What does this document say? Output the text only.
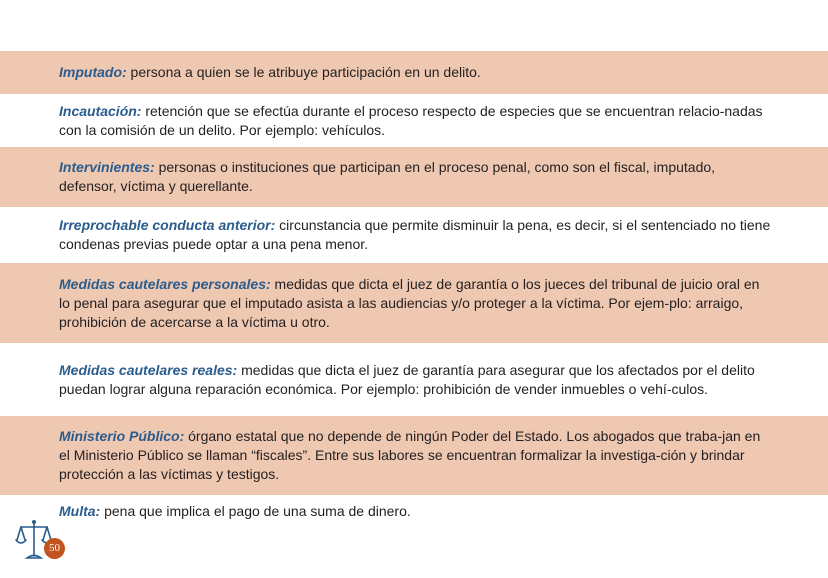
Imputado: persona a quien se le atribuye participación en un delito.

Incautación: retención que se efectúa durante el proceso respecto de especies que se encuentran relacio-nadas con la comisión de un delito. Por ejemplo: vehículos.

Intervinientes: personas o instituciones que participan en el proceso penal, como son el fiscal, imputado, defensor, víctima y querellante.

Irreprochable conducta anterior: circunstancia que permite disminuir la pena, es decir, si el sentenciado no tiene condenas previas puede optar a una pena menor.

Medidas cautelares personales: medidas que dicta el juez de garantía o los jueces del tribunal de juicio oral en lo penal para asegurar que el imputado asista a las audiencias y/o proteger a la víctima. Por ejem-plo: arraigo, prohibición de acercarse a la víctima u otro.

Medidas cautelares reales: medidas que dicta el juez de garantía para asegurar que los afectados por el delito puedan lograr alguna reparación económica. Por ejemplo: prohibición de vender inmuebles o vehí-culos.

Ministerio Público: órgano estatal que no depende de ningún Poder del Estado. Los abogados que traba-jan en el Ministerio Público se llaman “fiscales”. Entre sus labores se encuentran formalizar la investiga-ción y brindar protección a las víctimas y testigos.

Multa: pena que implica el pago de una suma de dinero.

50
